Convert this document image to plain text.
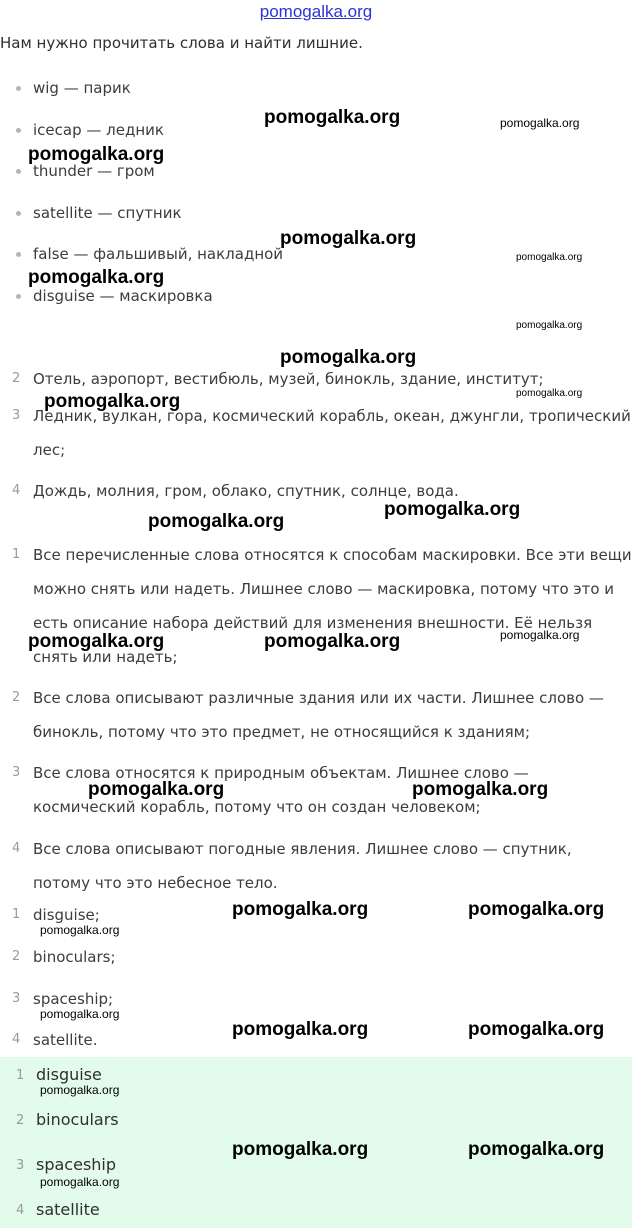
pomogalka.org
Нам нужно прочитать слова и найти лишние.
wig — парик
icecap — ледник
thunder — гром
satellite — спутник
false — фальшивый, накладной
disguise — маскировка
2 Отель, аэропорт, вестибюль, музей, бинокль, здание, институт;
3 Ледник, вулкан, гора, космический корабль, океан, джунгли, тропический лес;
4 Дождь, молния, гром, облако, спутник, солнце, вода.
1 Все перечисленные слова относятся к способам маскировки. Все эти вещи можно снять или надеть. Лишнее слово — маскировка, потому что это и есть описание набора действий для изменения внешности. Её нельзя снять или надеть;
2 Все слова описывают различные здания или их части. Лишнее слово — бинокль, потому что это предмет, не относящийся к зданиям;
3 Все слова относятся к природным объектам. Лишнее слово — космический корабль, потому что он создан человеком;
4 Все слова описывают погодные явления. Лишнее слово — спутник, потому что это небесное тело.
1 disguise;
2 binoculars;
3 spaceship;
4 satellite.
1 disguise
2 binoculars
3 spaceship
4 satellite
pomogalka.org	pomogalka.org
pomogalka.org
pomogalka.org
pomogalka.org
pomogalka.org
pomogalka.org
pomogalka.org
pomogalka.org
pomogalka.org
pomogalka.org
pomogalka.org
pomogalka.org
pomogalka.org	pomogalka.org
pomogalka.org	pomogalka.org
pomogalka.org	pomogalka.org
pomogalka.org
pomogalka.org
pomogalka.org	pomogalka.org
pomogalka.org
pomogalka.org	pomogalka.org
pomogalka.org
